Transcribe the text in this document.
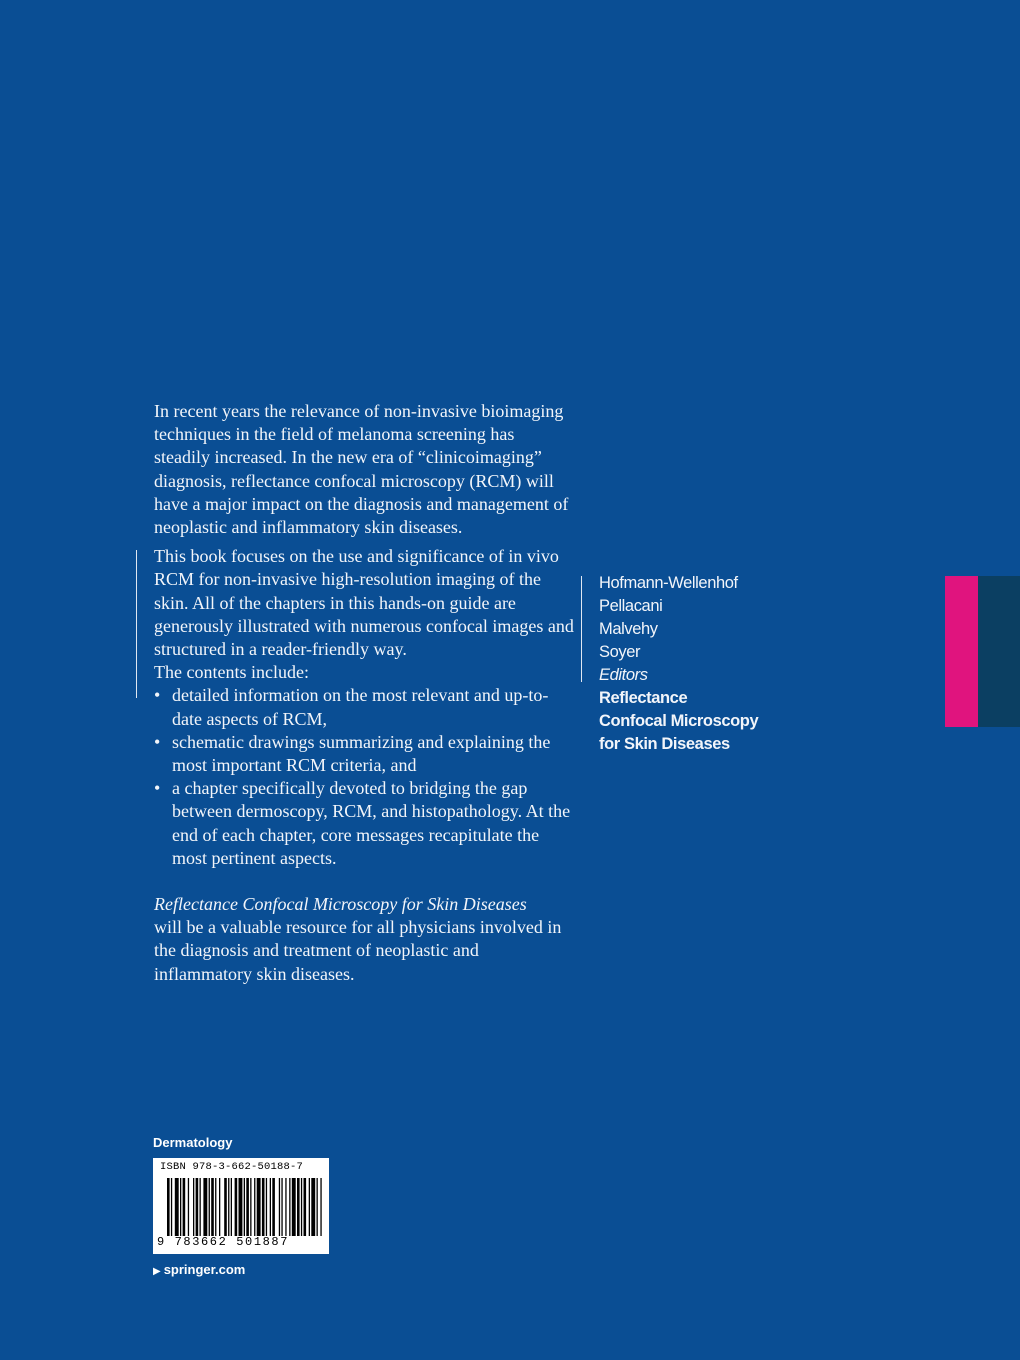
In recent years the relevance of non-invasive bioimaging techniques in the field of melanoma screening has steadily increased. In the new era of “clinicoimaging” diagnosis, reflectance confocal microscopy (RCM) will have a major impact on the diagnosis and management of neoplastic and inflammatory skin diseases.

This book focuses on the use and significance of in vivo RCM for non-invasive high-resolution imaging of the skin. All of the chapters in this hands-on guide are generously illustrated with numerous confocal images and structured in a reader-friendly way.

The contents include:

• detailed information on the most relevant and up-to-date aspects of RCM,
• schematic drawings summarizing and explaining the most important RCM criteria, and
• a chapter specifically devoted to bridging the gap between dermoscopy, RCM, and histopathology. At the end of each chapter, core messages recapitulate the most pertinent aspects.

Reflectance Confocal Microscopy for Skin Diseases
will be a valuable resource for all physicians involved in the diagnosis and treatment of neoplastic and inflammatory skin diseases.

Hofmann-Wellenhof
Pellacani
Malvehy
Soyer
Editors
Reflectance
Confocal Microscopy
for Skin Diseases
Dermatology
ISBN 978-3-662-50188-7
9 783662 501887
▶ springer.com
